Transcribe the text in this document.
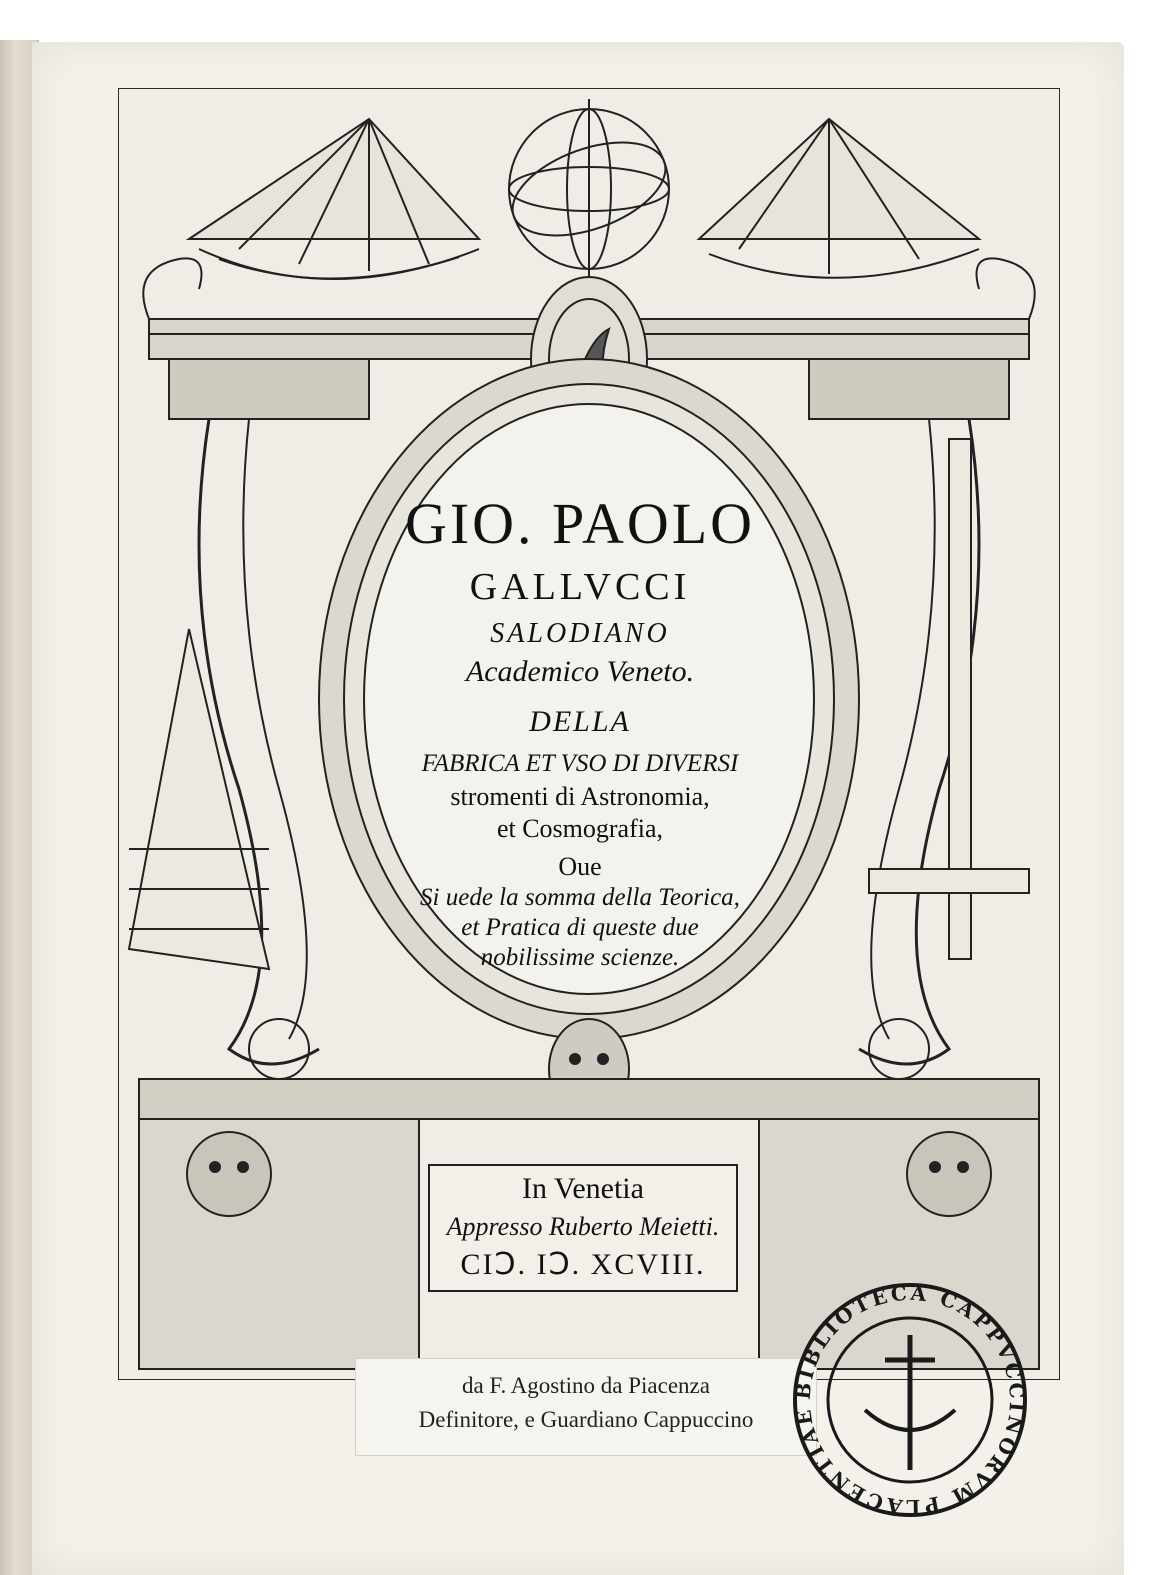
GIO. PAOLO
GALLVCCI
SALODIANO
Academico Veneto.
DELLA
FABRICA ET VSO DI DIVERSI
stromenti di Astronomia,
et Cosmografia,
Oue
Si uede la somma della Teorica,
et Pratica di queste due
nobilissime scienze.
In Venetia
Appresso Ruberto Meietti.
CIↃ. IↃ. XCVIII.
da F. Agostino da Piacenza
Definitore, e Guardiano Cappuccino
BIBLIOTECA CAPPVCCINORVM PLACENTIAE
